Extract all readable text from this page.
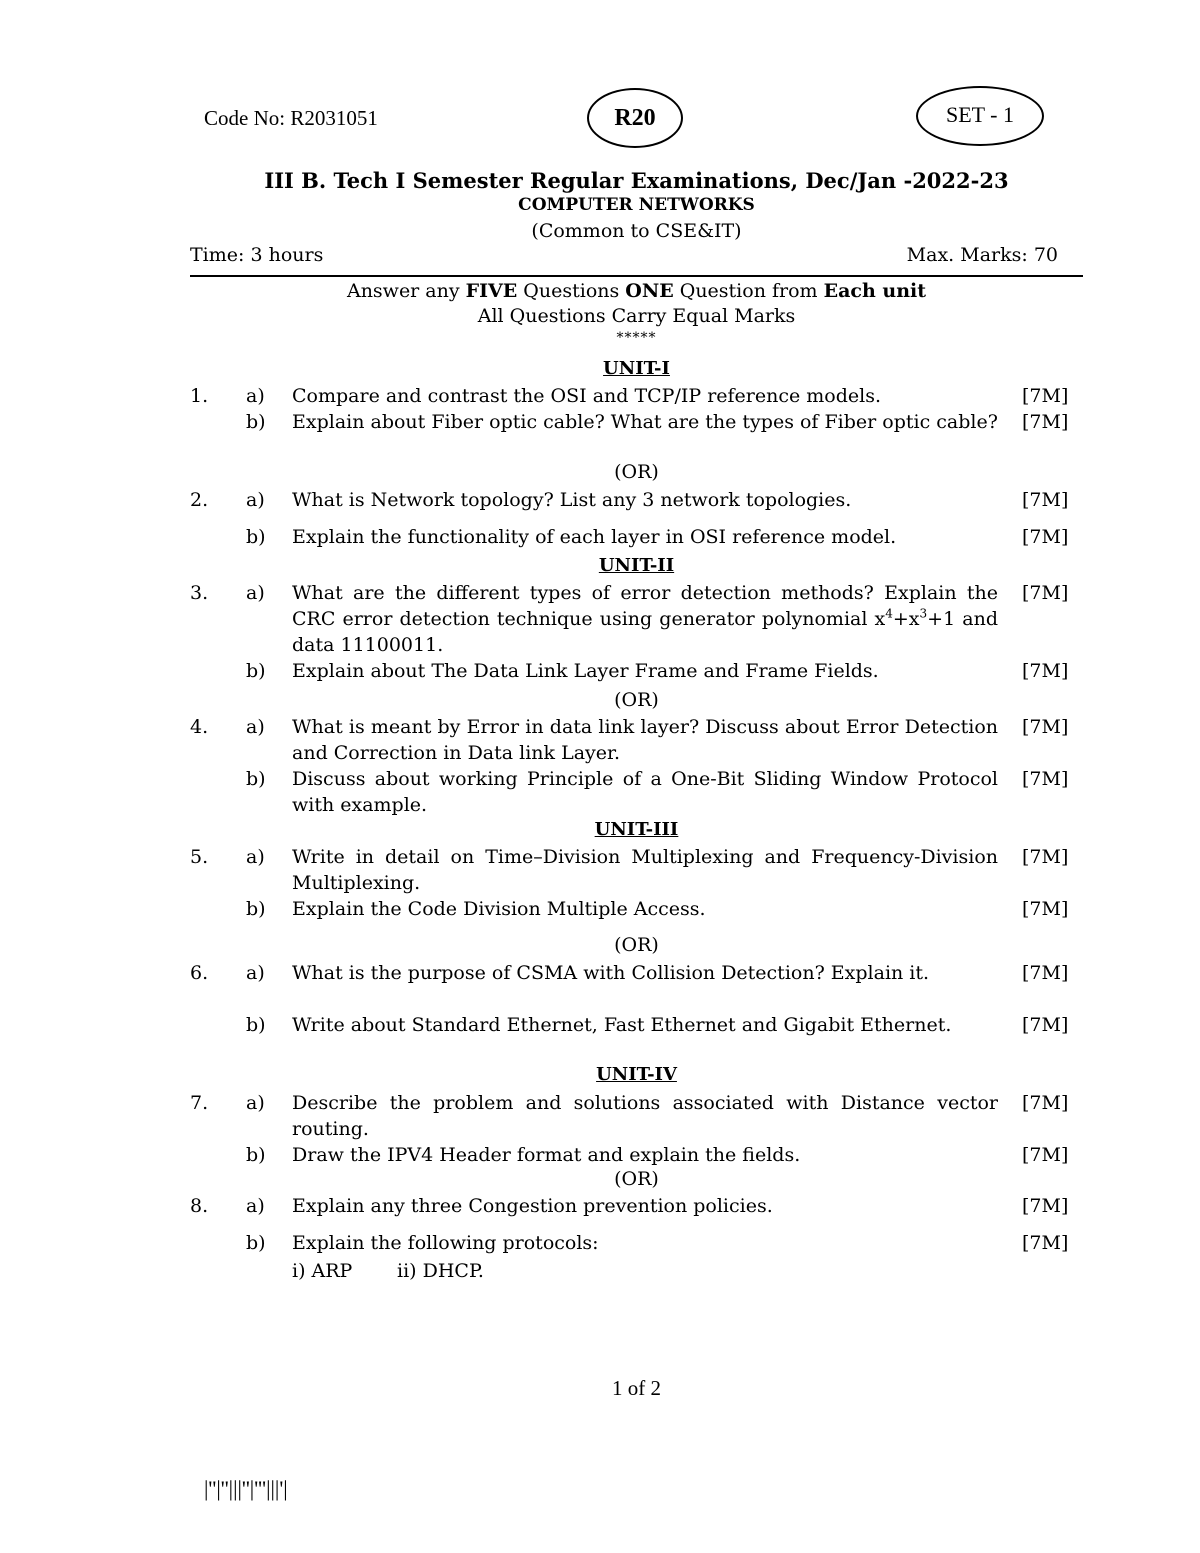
Code No: R2031051	R20	SET - 1
III B. Tech I Semester Regular Examinations, Dec/Jan -2022-23
COMPUTER NETWORKS
(Common to CSE&IT)
Time: 3 hours	Max. Marks: 70
Answer any FIVE Questions ONE Question from Each unit
All Questions Carry Equal Marks
*****
UNIT-I
1. a) Compare and contrast the OSI and TCP/IP reference models.	[7M]
b) Explain about Fiber optic cable? What are the types of Fiber optic cable? [7M]
(OR)
2. a) What is Network topology? List any 3 network topologies.	[7M]
b) Explain the functionality of each layer in OSI reference model.	[7M]
UNIT-II
3. a) What are the different types of error detection methods? Explain the CRC error detection technique using generator polynomial $x^4+x^3+1$ and data 11100011.
[7M]
b) Explain about The Data Link Layer Frame and Frame Fields.	[7M]
(OR)
4. a) What is meant by Error in data link layer? Discuss about Error Detection and Correction in Data link Layer.
[7M]
b) Discuss about working Principle of a One-Bit Sliding Window Protocol with example.
[7M]
UNIT-III
5. a) Write in detail on Time–Division Multiplexing and Frequency-Division Multiplexing.
[7M]
b) Explain the Code Division Multiple Access.	[7M]
(OR)
6. a) What is the purpose of CSMA with Collision Detection? Explain it.	[7M]
b) Write about Standard Ethernet, Fast Ethernet and Gigabit Ethernet.	[7M]
UNIT-IV
7. a) Describe the problem and solutions associated with Distance vector routing.
[7M]
b) Draw the IPV4 Header format and explain the fields.	[7M]
(OR)
8. a) Explain any three Congestion prevention policies.	[7M]
b) Explain the following protocols:	[7M]
i) ARP ii) DHCP.
1 of 2
|''|''|||''|'''|||'|
